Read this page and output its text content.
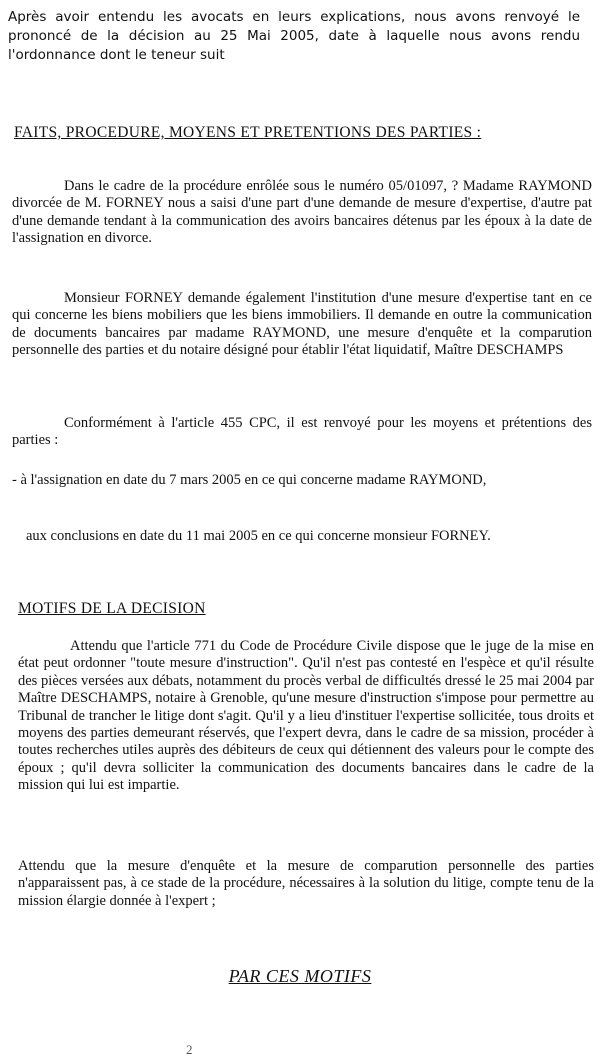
Après avoir entendu les avocats en leurs explications, nous avons renvoyé le prononcé de la décision au 25 Mai 2005, date à laquelle nous avons rendu l'ordonnance dont le teneur suit

FAITS, PROCEDURE, MOYENS ET PRETENTIONS DES PARTIES :

Dans le cadre de la procédure enrôlée sous le numéro 05/01097, ? Madame RAYMOND divorcée de M. FORNEY nous a saisi d'une part d'une demande de mesure d'expertise, d'autre pat d'une demande tendant à la communication des avoirs bancaires détenus par les époux à la date de l'assignation en divorce.

Monsieur FORNEY demande également l'institution d'une mesure d'expertise tant en ce qui concerne les biens mobiliers que les biens immobiliers. Il demande en outre la communication de documents bancaires par madame RAYMOND, une mesure d'enquête et la comparution personnelle des parties et du notaire désigné pour établir l'état liquidatif, Maître DESCHAMPS

Conformément à l'article 455 CPC, il est renvoyé pour les moyens et prétentions des parties :

- à l'assignation en date du 7 mars 2005 en ce qui concerne madame RAYMOND,

aux conclusions en date du 11 mai 2005 en ce qui concerne monsieur FORNEY.

MOTIFS DE LA DECISION

Attendu que l'article 771 du Code de Procédure Civile dispose que le juge de la mise en état peut ordonner "toute mesure d'instruction". Qu'il n'est pas contesté en l'espèce et qu'il résulte des pièces versées aux débats, notamment du procès verbal de difficultés dressé le 25 mai 2004 par Maître DESCHAMPS, notaire à Grenoble, qu'une mesure d'instruction s'impose pour permettre au Tribunal de trancher le litige dont s'agit. Qu'il y a lieu d'instituer l'expertise sollicitée, tous droits et moyens des parties demeurant réservés, que l'expert devra, dans le cadre de sa mission, procéder à toutes recherches utiles auprès des débiteurs de ceux qui détiennent des valeurs pour le compte des époux ; qu'il devra solliciter la communication des documents bancaires dans le cadre de la mission qui lui est impartie.

Attendu que la mesure d'enquête et la mesure de comparution personnelle des parties n'apparaissent pas, à ce stade de la procédure, nécessaires à la solution du litige, compte tenu de la mission élargie donnée à l'expert ;

PAR CES MOTIFS
2
